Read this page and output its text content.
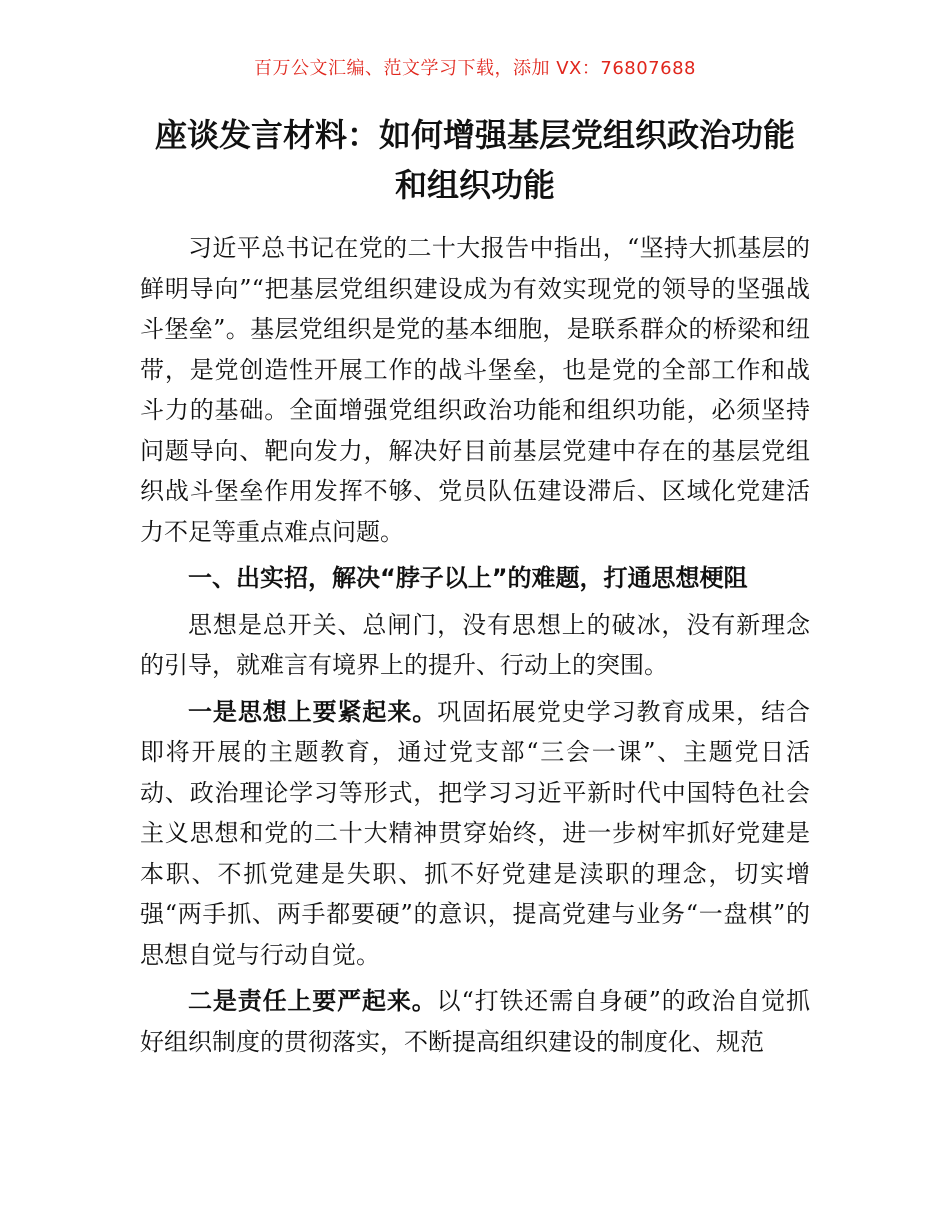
百万公文汇编、范文学习下载，添加 VX：76807688
座谈发言材料：如何增强基层党组织政治功能和组织功能

习近平总书记在党的二十大报告中指出，“坚持大抓基层的鲜明导向”“把基层党组织建设成为有效实现党的领导的坚强战斗堡垒”。基层党组织是党的基本细胞，是联系群众的桥梁和纽带，是党创造性开展工作的战斗堡垒，也是党的全部工作和战斗力的基础。全面增强党组织政治功能和组织功能，必须坚持问题导向、靶向发力，解决好目前基层党建中存在的基层党组织战斗堡垒作用发挥不够、党员队伍建设滞后、区域化党建活力不足等重点难点问题。

一、出实招，解决“脖子以上”的难题，打通思想梗阻

思想是总开关、总闸门，没有思想上的破冰，没有新理念的引导，就难言有境界上的提升、行动上的突围。

一是思想上要紧起来。巩固拓展党史学习教育成果，结合即将开展的主题教育，通过党支部“三会一课”、主题党日活动、政治理论学习等形式，把学习习近平新时代中国特色社会主义思想和党的二十大精神贯穿始终，进一步树牢抓好党建是本职、不抓党建是失职、抓不好党建是渎职的理念，切实增强“两手抓、两手都要硬”的意识，提高党建与业务“一盘棋”的思想自觉与行动自觉。

二是责任上要严起来。以“打铁还需自身硬”的政治自觉抓好组织制度的贯彻落实，不断提高组织建设的制度化、规范
